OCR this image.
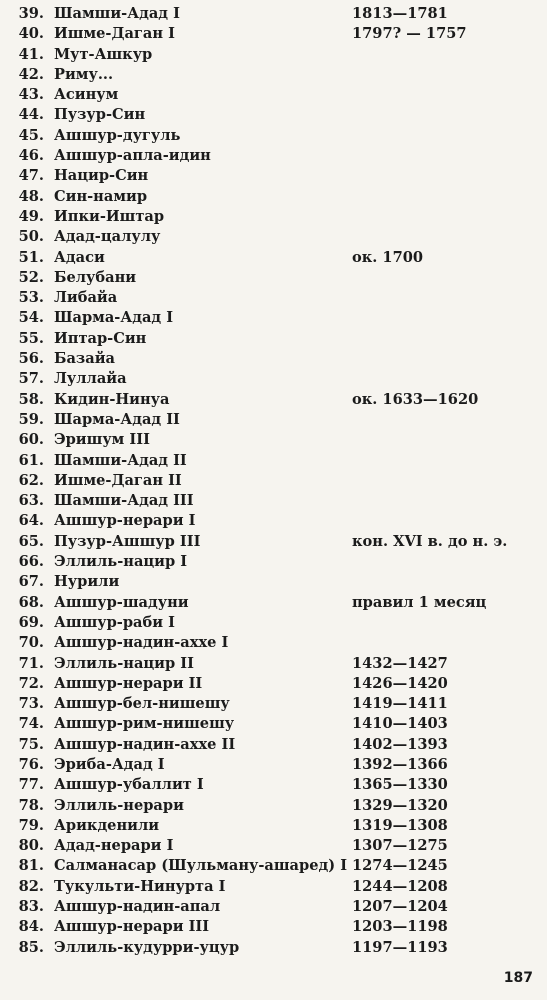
39. Шамши-Адад I	1813—1781
40. Ишме-Даган I	1797? — 1757
41. Мут-Ашкур
42. Риму...
43. Асинум
44. Пузур-Син
45. Ашшур-дугуль
46. Ашшур-апла-идин
47. Нацир-Син
48. Син-намир
49. Ипки-Иштар
50. Адад-цалулу
51. Адаси	ок. 1700
52. Белубани
53. Либайа
54. Шарма-Адад I
55. Иптар-Син
56. Базайа
57. Луллайа
58. Кидин-Нинуа	ок. 1633—1620
59. Шарма-Адад II
60. Эришум III
61. Шамши-Адад II
62. Ишме-Даган II
63. Шамши-Адад III
64. Ашшур-нерари I
65. Пузур-Ашшур III	кон. XVI в. до н. э.
66. Эллиль-нацир I
67. Нурили
68. Ашшур-шадуни	правил 1 месяц
69. Ашшур-раби I
70. Ашшур-надин-ахxе I
71. Эллиль-нацир II	1432—1427
72. Ашшур-нерари II	1426—1420
73. Ашшур-бел-нишешу	1419—1411
74. Ашшур-рим-нишешу	1410—1403
75. Ашшур-надин-ахxе II	1402—1393
76. Эриба-Адад I	1392—1366
77. Ашшур-убаллит I	1365—1330
78. Эллиль-нерари	1329—1320
79. Арикденили	1319—1308
80. Адад-нерари I	1307—1275
81. Салманасар (Шульману-ашаред) I 1274—1245
82. Тукульти-Нинурта I	1244—1208
83. Ашшур-надин-апал	1207—1204
84. Ашшур-нерари III	1203—1198
85. Эллиль-кудурри-уцур	1197—1193
187
